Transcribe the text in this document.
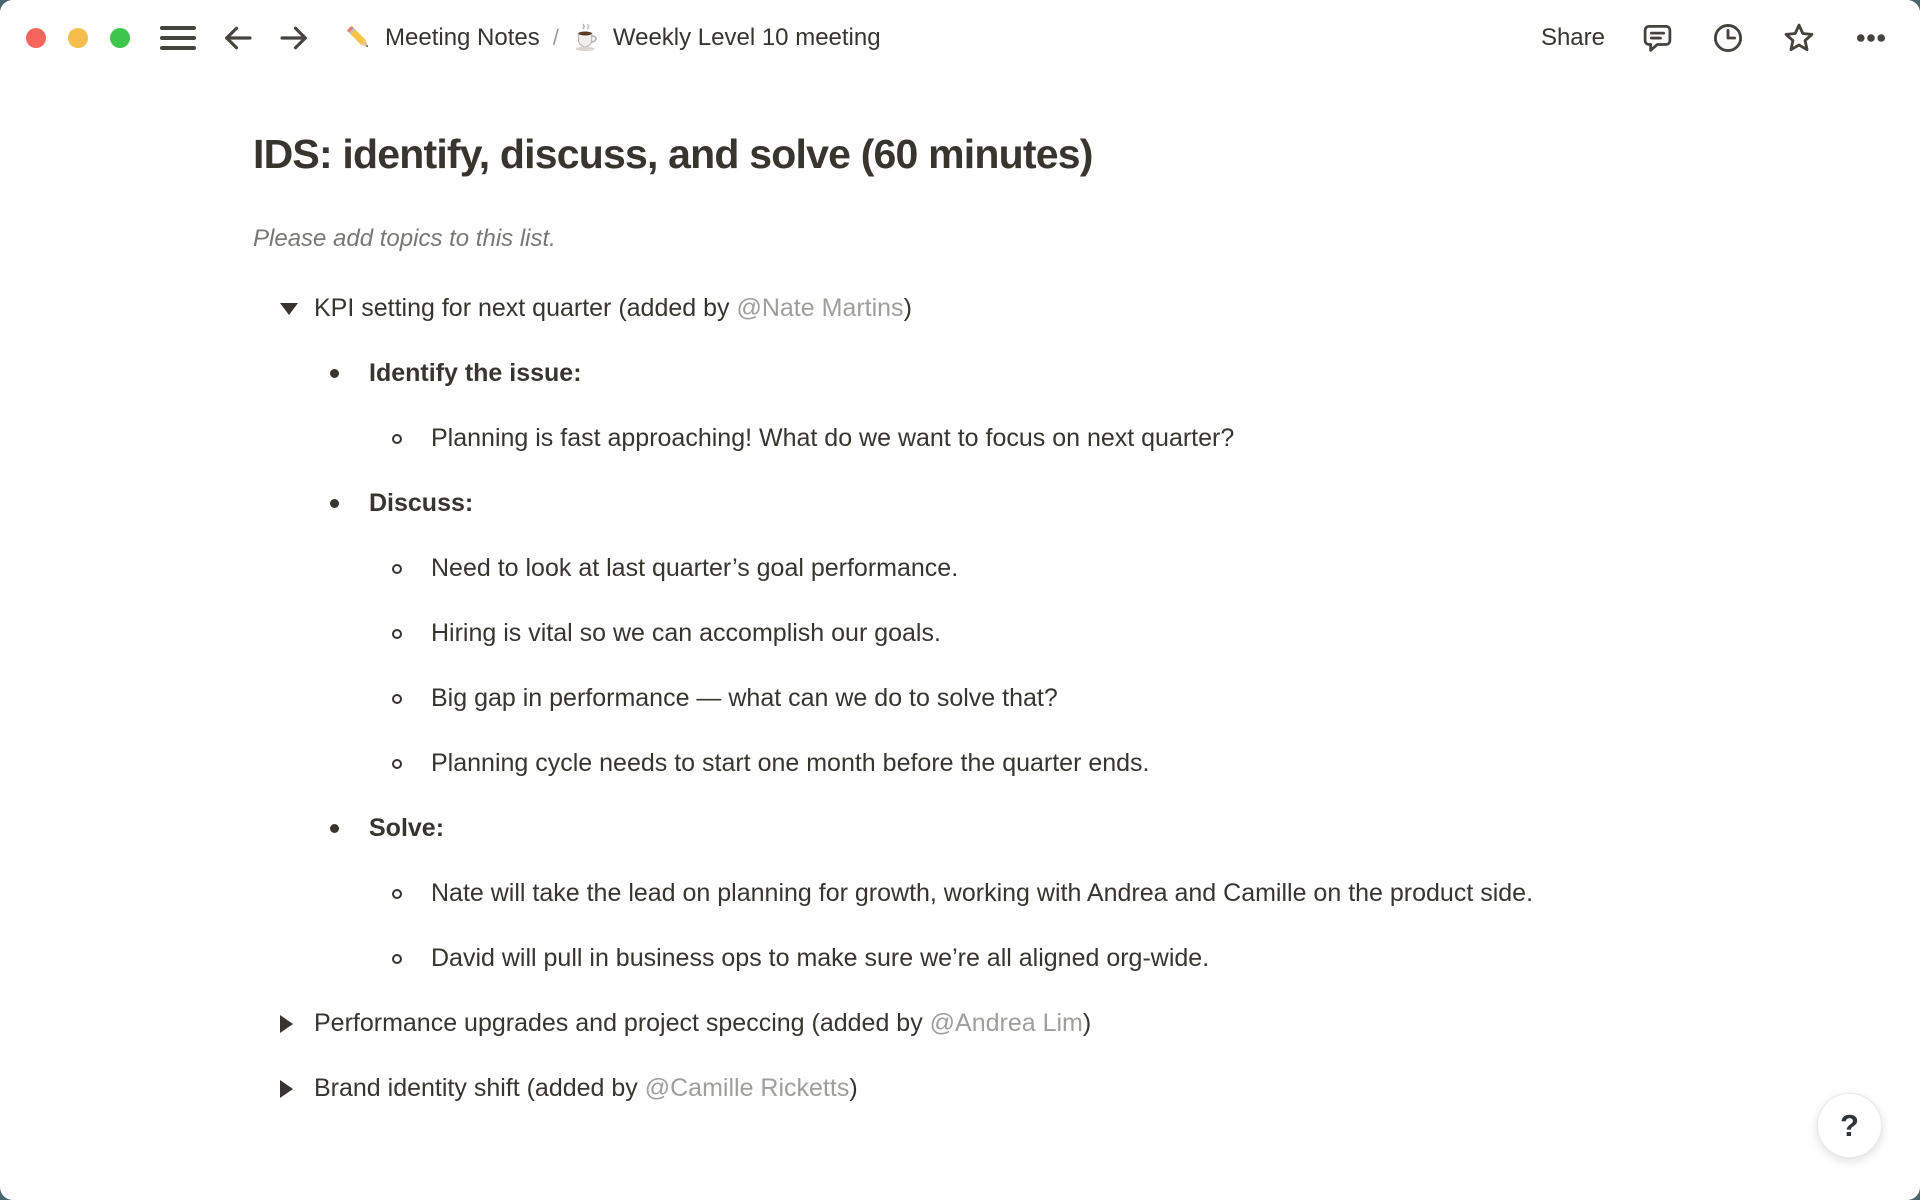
Meeting Notes / Weekly Level 10 meeting	Share
IDS: identify, discuss, and solve (60 minutes)
Please add topics to this list.
KPI setting for next quarter (added by @Nate Martins)
Identify the issue:
Planning is fast approaching! What do we want to focus on next quarter?
Discuss:
Need to look at last quarter’s goal performance.
Hiring is vital so we can accomplish our goals.
Big gap in performance — what can we do to solve that?
Planning cycle needs to start one month before the quarter ends.
Solve:
Nate will take the lead on planning for growth, working with Andrea and Camille on the product side.
David will pull in business ops to make sure we’re all aligned org-wide.
Performance upgrades and project speccing (added by @Andrea Lim)
Brand identity shift (added by @Camille Ricketts)
?
